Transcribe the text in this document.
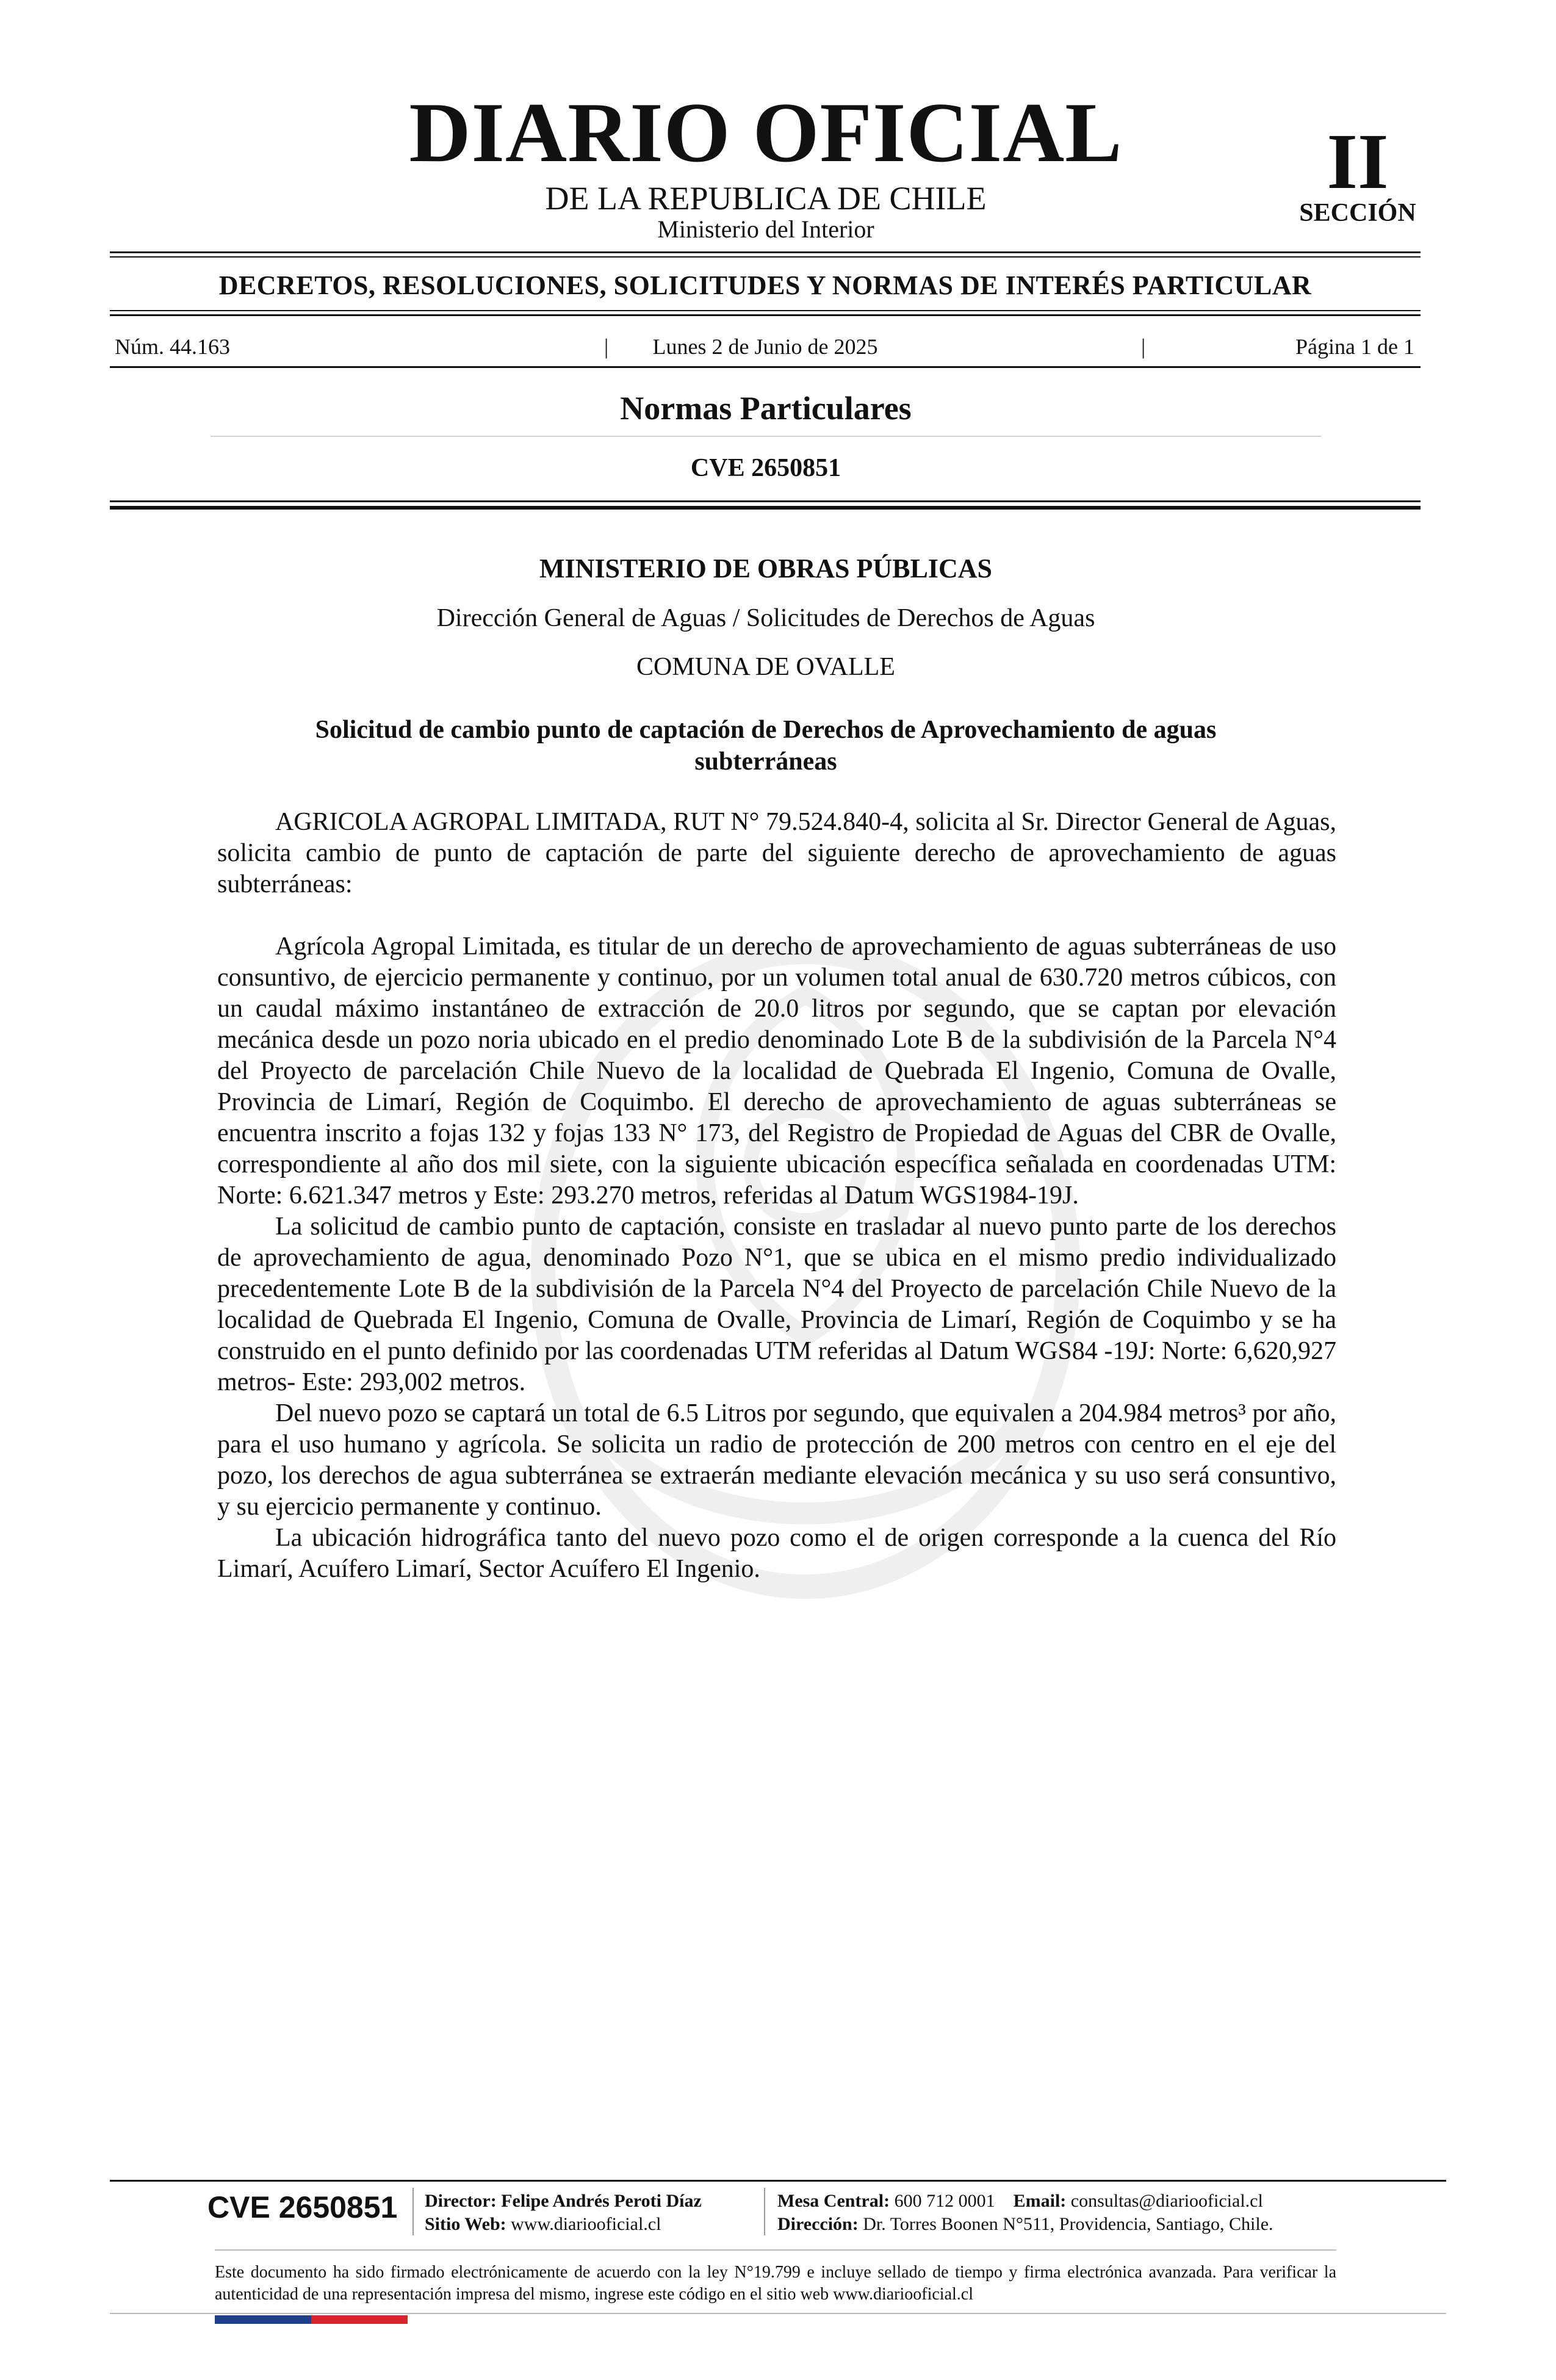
DIARIO OFICIAL
DE LA REPUBLICA DE CHILE
Ministerio del Interior
II
SECCIÓN
DECRETOS, RESOLUCIONES, SOLICITUDES Y NORMAS DE INTERÉS PARTICULAR
Núm. 44.163	|	Lunes 2 de Junio de 2025	|	Página 1 de 1
Normas Particulares
CVE 2650851
MINISTERIO DE OBRAS PÚBLICAS
Dirección General de Aguas / Solicitudes de Derechos de Aguas
COMUNA DE OVALLE
Solicitud de cambio punto de captación de Derechos de Aprovechamiento de aguas subterráneas

AGRICOLA AGROPAL LIMITADA, RUT N° 79.524.840-4, solicita al Sr. Director General de Aguas, solicita cambio de punto de captación de parte del siguiente derecho de aprovechamiento de aguas subterráneas:

Agrícola Agropal Limitada, es titular de un derecho de aprovechamiento de aguas subterráneas de uso consuntivo, de ejercicio permanente y continuo, por un volumen total anual de 630.720 metros cúbicos, con un caudal máximo instantáneo de extracción de 20.0 litros por segundo, que se captan por elevación mecánica desde un pozo noria ubicado en el predio denominado Lote B de la subdivisión de la Parcela N°4 del Proyecto de parcelación Chile Nuevo de la localidad de Quebrada El Ingenio, Comuna de Ovalle, Provincia de Limarí, Región de Coquimbo. El derecho de aprovechamiento de aguas subterráneas se encuentra inscrito a fojas 132 y fojas 133 N° 173, del Registro de Propiedad de Aguas del CBR de Ovalle, correspondiente al año dos mil siete, con la siguiente ubicación específica señalada en coordenadas UTM: Norte: 6.621.347 metros y Este: 293.270 metros, referidas al Datum WGS1984-19J.

La solicitud de cambio punto de captación, consiste en trasladar al nuevo punto parte de los derechos de aprovechamiento de agua, denominado Pozo N°1, que se ubica en el mismo predio individualizado precedentemente Lote B de la subdivisión de la Parcela N°4 del Proyecto de parcelación Chile Nuevo de la localidad de Quebrada El Ingenio, Comuna de Ovalle, Provincia de Limarí, Región de Coquimbo y se ha construido en el punto definido por las coordenadas UTM referidas al Datum WGS84 -19J: Norte: 6,620,927 metros- Este: 293,002 metros.

Del nuevo pozo se captará un total de 6.5 Litros por segundo, que equivalen a 204.984 metros³ por año, para el uso humano y agrícola. Se solicita un radio de protección de 200 metros con centro en el eje del pozo, los derechos de agua subterránea se extraerán mediante elevación mecánica y su uso será consuntivo, y su ejercicio permanente y continuo.

La ubicación hidrográfica tanto del nuevo pozo como el de origen corresponde a la cuenca del Río Limarí, Acuífero Limarí, Sector Acuífero El Ingenio.

CVE 2650851 Director: Felipe Andrés Peroti Díaz
Sitio Web: www.diariooficial.cl
Mesa Central: 600 712 0001 Email: consultas@diariooficial.cl
Dirección: Dr. Torres Boonen N°511, Providencia, Santiago, Chile.
Este documento ha sido firmado electrónicamente de acuerdo con la ley N°19.799 e incluye sellado de tiempo y firma electrónica avanzada. Para verificar la autenticidad de una representación impresa del mismo, ingrese este código en el sitio web www.diariooficial.cl
